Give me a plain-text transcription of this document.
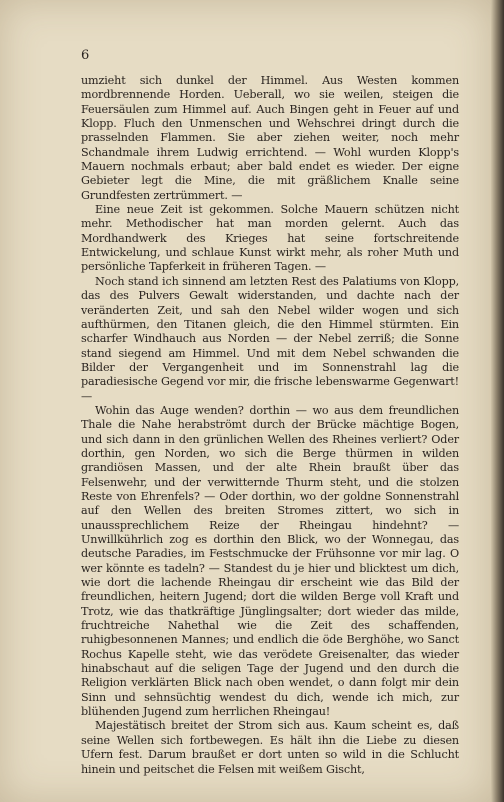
6

umzieht sich dunkel der Himmel. Aus Westen kommen mordbrennende Horden. Ueberall, wo sie weilen, steigen die Feuersäulen zum Himmel auf. Auch Bingen geht in Feuer auf und Klopp. Fluch den Unmenschen und Wehschrei dringt durch die prasselnden Flammen. Sie aber ziehen weiter, noch mehr Schandmale ihrem Ludwig errichtend. — Wohl wurden Klopp's Mauern nochmals erbaut; aber bald endet es wieder. Der eigne Gebieter legt die Mine, die mit gräßlichem Knalle seine Grundfesten zertrümmert. —

Eine neue Zeit ist gekommen. Solche Mauern schützen nicht mehr. Methodischer hat man morden gelernt. Auch das Mordhandwerk des Krieges hat seine fortschreitende Entwickelung, und schlaue Kunst wirkt mehr, als roher Muth und persönliche Tapferkeit in früheren Tagen. —

Noch stand ich sinnend am letzten Rest des Palatiums von Klopp, das des Pulvers Gewalt widerstanden, und dachte nach der veränderten Zeit, und sah den Nebel wilder wogen und sich aufthürmen, den Titanen gleich, die den Himmel stürmten. Ein scharfer Windhauch aus Norden — der Nebel zerriß; die Sonne stand siegend am Himmel. Und mit dem Nebel schwanden die Bilder der Vergangenheit und im Sonnenstrahl lag die paradiesische Gegend vor mir, die frische lebenswarme Gegenwart! —

Wohin das Auge wenden? dorthin — wo aus dem freundlichen Thale die Nahe herabströmt durch der Brücke mächtige Bogen, und sich dann in den grünlichen Wellen des Rheines verliert? Oder dorthin, gen Norden, wo sich die Berge thürmen in wilden grandiösen Massen, und der alte Rhein braußt über das Felsenwehr, und der verwitternde Thurm steht, und die stolzen Reste von Ehrenfels? — Oder dorthin, wo der goldne Sonnenstrahl auf den Wellen des breiten Stromes zittert, wo sich in unaussprechlichem Reize der Rheingau hindehnt? — Unwillkührlich zog es dorthin den Blick, wo der Wonnegau, das deutsche Paradies, im Festschmucke der Frühsonne vor mir lag. O wer könnte es tadeln? — Standest du je hier und blicktest um dich, wie dort die lachende Rheingau dir erscheint wie das Bild der freundlichen, heitern Jugend; dort die wilden Berge voll Kraft und Trotz, wie das thatkräftige Jünglingsalter; dort wieder das milde, fruchtreiche Nahethal wie die Zeit des schaffenden, ruhigbesonnenen Mannes; und endlich die öde Berghöhe, wo Sanct Rochus Kapelle steht, wie das verödete Greisenalter, das wieder hinabschaut auf die seligen Tage der Jugend und den durch die Religion verklärten Blick nach oben wendet, o dann folgt mir dein Sinn und sehnsüchtig wendest du dich, wende ich mich, zur blühenden Jugend zum herrlichen Rheingau!

Majestätisch breitet der Strom sich aus. Kaum scheint es, daß seine Wellen sich fortbewegen. Es hält ihn die Liebe zu diesen Ufern fest. Darum braußet er dort unten so wild in die Schlucht hinein und peitschet die Felsen mit weißem Gischt,
